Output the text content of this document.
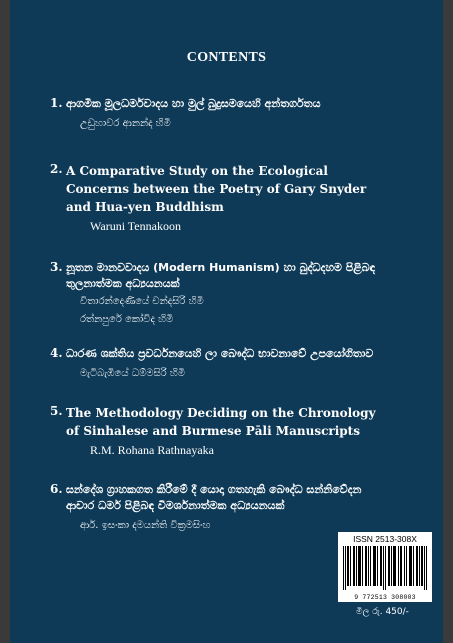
CONTENTS
1. ආගමික මූලධර්මවාදය හා මුල් බුදුසමයෙහි අන්තර්ගතය
උඩුහාවර ආනන්ද හිමි
2. A Comparative Study on the Ecological
Concerns between the Poetry of Gary Snyder
and Hua-yen Buddhism
Waruni Tennakoon
3. නූතන මානවවාදය (Modern Humanism) හා බුද්ධදහම පිළිබඳ
තුලනාත්මක අධ්‍යයනයක්
විතාරන්දෙණියේ චන්දසිරි හිමි
රත්නපුරේ කෝවිද හිමි
4. ධාරණ ශක්තිය ප්‍රවර්ධනයෙහි ලා බෞද්ධ භාවනාවේ උපයෝගිතාව
මැටිබැඹියේ ධම්මසිරි හිමි
5. The Methodology Deciding on the Chronology
of Sinhalese and Burmese Pāli Manuscripts
R.M. Rohana Rathnayaka
6. සන්දේශ ග්‍රාහකගත කිරීමේ දී යොදා ගතහැකි බෞද්ධ සන්නිවේදන
ආචාර ධර්ම පිළිබඳ විමර්ශනාත්මක අධ්‍යයනයක්
ආර්. ඉසංකා දමයන්ති වික්‍රමසිංහ
ISSN 2513-308X
9 772513 308003
මිල රු. 450/-
